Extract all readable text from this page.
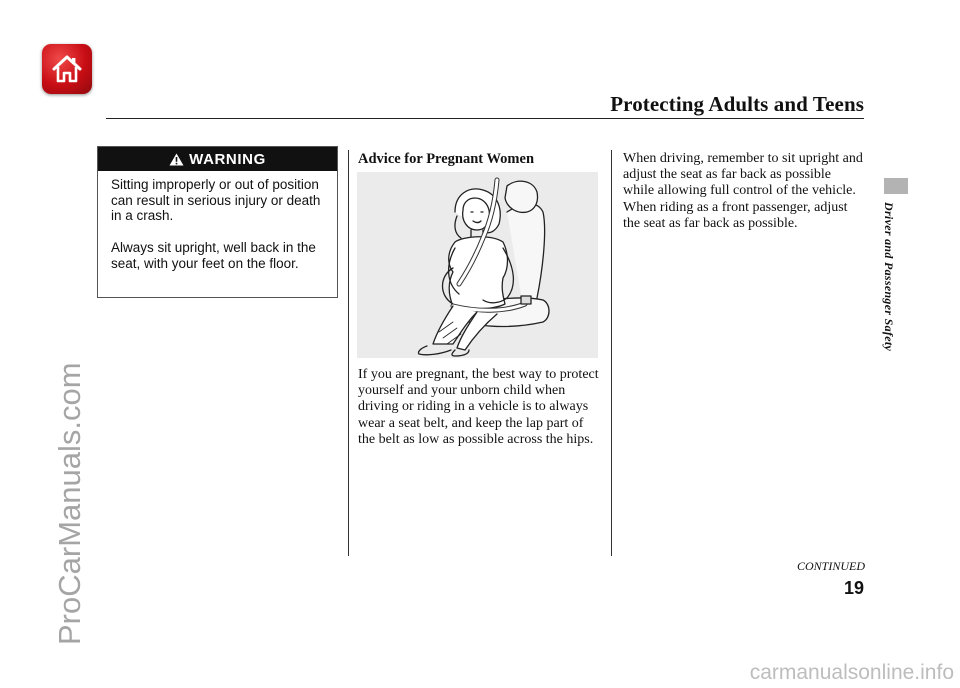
Protecting Adults and Teens
Driver and Passenger Safety
WARNING
Sitting improperly or out of position can result in serious injury or death in a crash.
Always sit upright, well back in the seat, with your feet on the floor.
Advice for Pregnant Women
If you are pregnant, the best way to protect yourself and your unborn child when driving or riding in a vehicle is to always wear a seat belt, and keep the lap part of the belt as low as possible across the hips.
When driving, remember to sit upright and adjust the seat as far back as possible while allowing full control of the vehicle. When riding as a front passenger, adjust the seat as far back as possible.
CONTINUED
19
ProCarManuals.com
carmanualsonline.info
